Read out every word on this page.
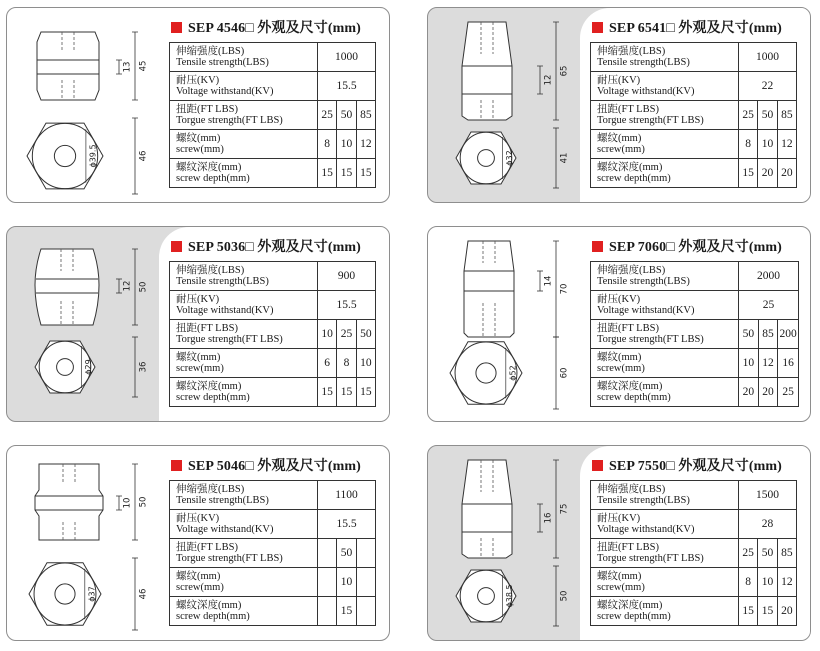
45
13
46
ϕ39.5
SEP 4546□ 外观及尺寸(mm)
伸缩强度(LBS)
Tensile strength(LBS)	1000		

耐压(KV)
Voltage withstand(KV)	15.5		

扭距(FT LBS)
Torgue strength(FT LBS)	25	50	85

螺纹(mm)
screw(mm)	8	10	12

螺纹深度(mm)
screw depth(mm)	15	15	15
65
12
41
ϕ32
SEP 6541□ 外观及尺寸(mm)
伸缩强度(LBS)
Tensile strength(LBS)	1000		

耐压(KV)
Voltage withstand(KV)	22		

扭距(FT LBS)
Torgue strength(FT LBS)	25	50	85

螺纹(mm)
screw(mm)	8	10	12

螺纹深度(mm)
screw depth(mm)	15	20	20
50
12
36
ϕ29
SEP 5036□ 外观及尺寸(mm)
伸缩强度(LBS)
Tensile strength(LBS)	900		

耐压(KV)
Voltage withstand(KV)	15.5		

扭距(FT LBS)
Torgue strength(FT LBS)	10	25	50

螺纹(mm)
screw(mm)	6	8	10

螺纹深度(mm)
screw depth(mm)	15	15	15
70
14
60
ϕ52
SEP 7060□ 外观及尺寸(mm)
伸缩强度(LBS)
Tensile strength(LBS)	2000		

耐压(KV)
Voltage withstand(KV)	25		

扭距(FT LBS)
Torgue strength(FT LBS)	50	85	200

螺纹(mm)
screw(mm)	10	12	16

螺纹深度(mm)
screw depth(mm)	20	20	25
50
10
46
ϕ37
SEP 5046□ 外观及尺寸(mm)
伸缩强度(LBS)
Tensile strength(LBS)	1100		

耐压(KV)
Voltage withstand(KV)	15.5		

扭距(FT LBS)
Torgue strength(FT LBS)		50	

螺纹(mm)
screw(mm)		10	

螺纹深度(mm)
screw depth(mm)		15	
75
16
50
ϕ38.5
SEP 7550□ 外观及尺寸(mm)
伸缩强度(LBS)
Tensile strength(LBS)	1500		

耐压(KV)
Voltage withstand(KV)	28		

扭距(FT LBS)
Torgue strength(FT LBS)	25	50	85

螺纹(mm)
screw(mm)	8	10	12

螺纹深度(mm)
screw depth(mm)	15	15	20
